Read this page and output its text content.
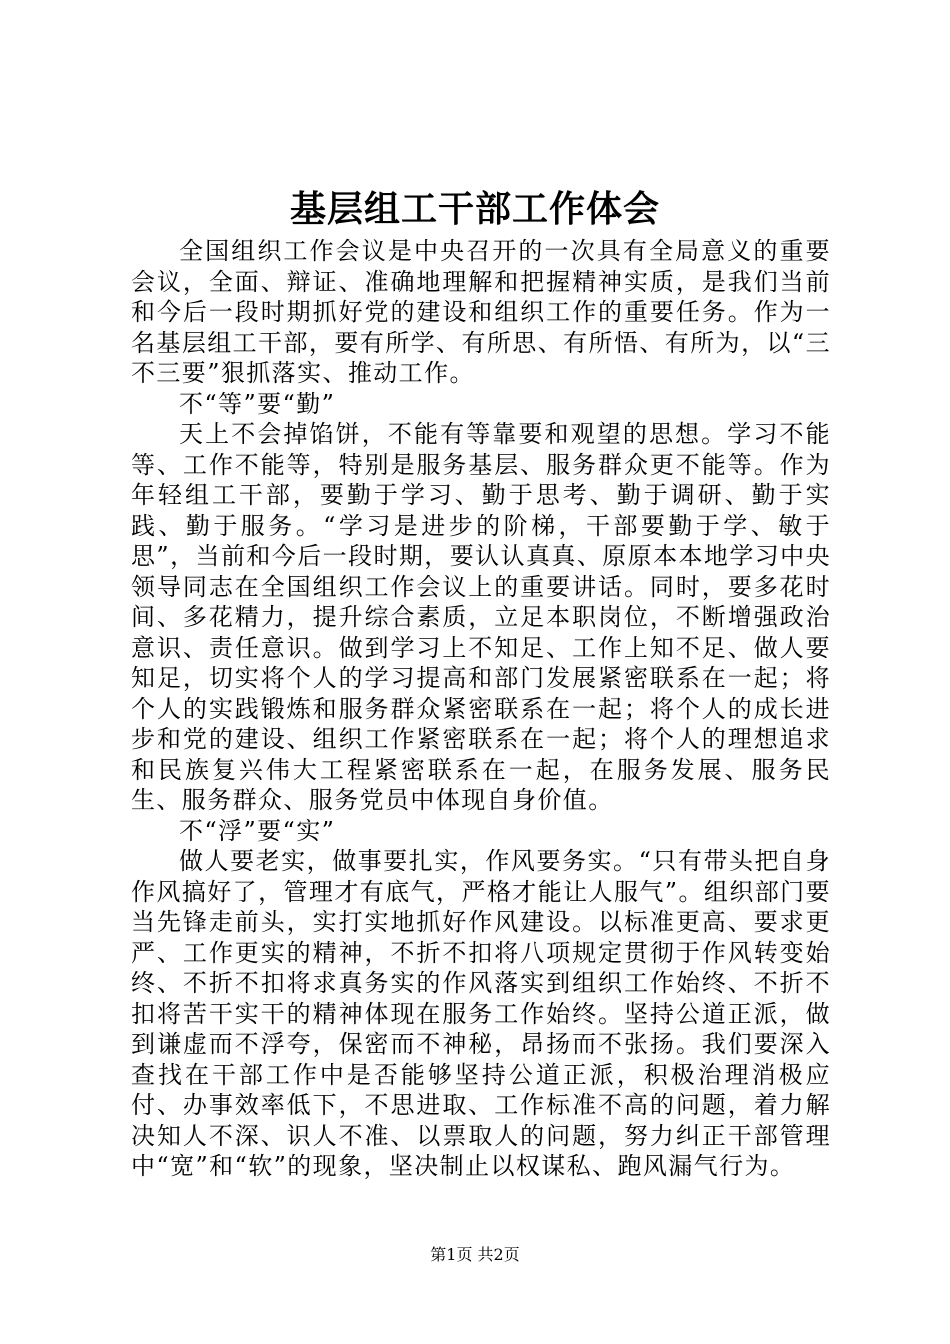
基层组工干部工作体会

全国组织工作会议是中央召开的一次具有全局意义的重要会议，全面、辩证、准确地理解和把握精神实质，是我们当前和今后一段时期抓好党的建设和组织工作的重要任务。作为一名基层组工干部，要有所学、有所思、有所悟、有所为，以“三不三要”狠抓落实、推动工作。

不“等”要“勤”

天上不会掉馅饼，不能有等靠要和观望的思想。学习不能等、工作不能等，特别是服务基层、服务群众更不能等。作为年轻组工干部，要勤于学习、勤于思考、勤于调研、勤于实践、勤于服务。“学习是进步的阶梯，干部要勤于学、敏于思”，当前和今后一段时期，要认认真真、原原本本地学习中央领导同志在全国组织工作会议上的重要讲话。同时，要多花时间、多花精力，提升综合素质，立足本职岗位，不断增强政治意识、责任意识。做到学习上不知足、工作上知不足、做人要知足，切实将个人的学习提高和部门发展紧密联系在一起；将个人的实践锻炼和服务群众紧密联系在一起；将个人的成长进步和党的建设、组织工作紧密联系在一起；将个人的理想追求和民族复兴伟大工程紧密联系在一起，在服务发展、服务民生、服务群众、服务党员中体现自身价值。

不“浮”要“实”

做人要老实，做事要扎实，作风要务实。“只有带头把自身作风搞好了，管理才有底气，严格才能让人服气”。组织部门要当先锋走前头，实打实地抓好作风建设。以标准更高、要求更严、工作更实的精神，不折不扣将八项规定贯彻于作风转变始终、不折不扣将求真务实的作风落实到组织工作始终、不折不扣将苦干实干的精神体现在服务工作始终。坚持公道正派，做到谦虚而不浮夸，保密而不神秘，昂扬而不张扬。我们要深入查找在干部工作中是否能够坚持公道正派，积极治理消极应付、办事效率低下，不思进取、工作标准不高的问题，着力解决知人不深、识人不准、以票取人的问题，努力纠正干部管理中“宽”和“软”的现象，坚决制止以权谋私、跑风漏气行为。

第1页 共2页
